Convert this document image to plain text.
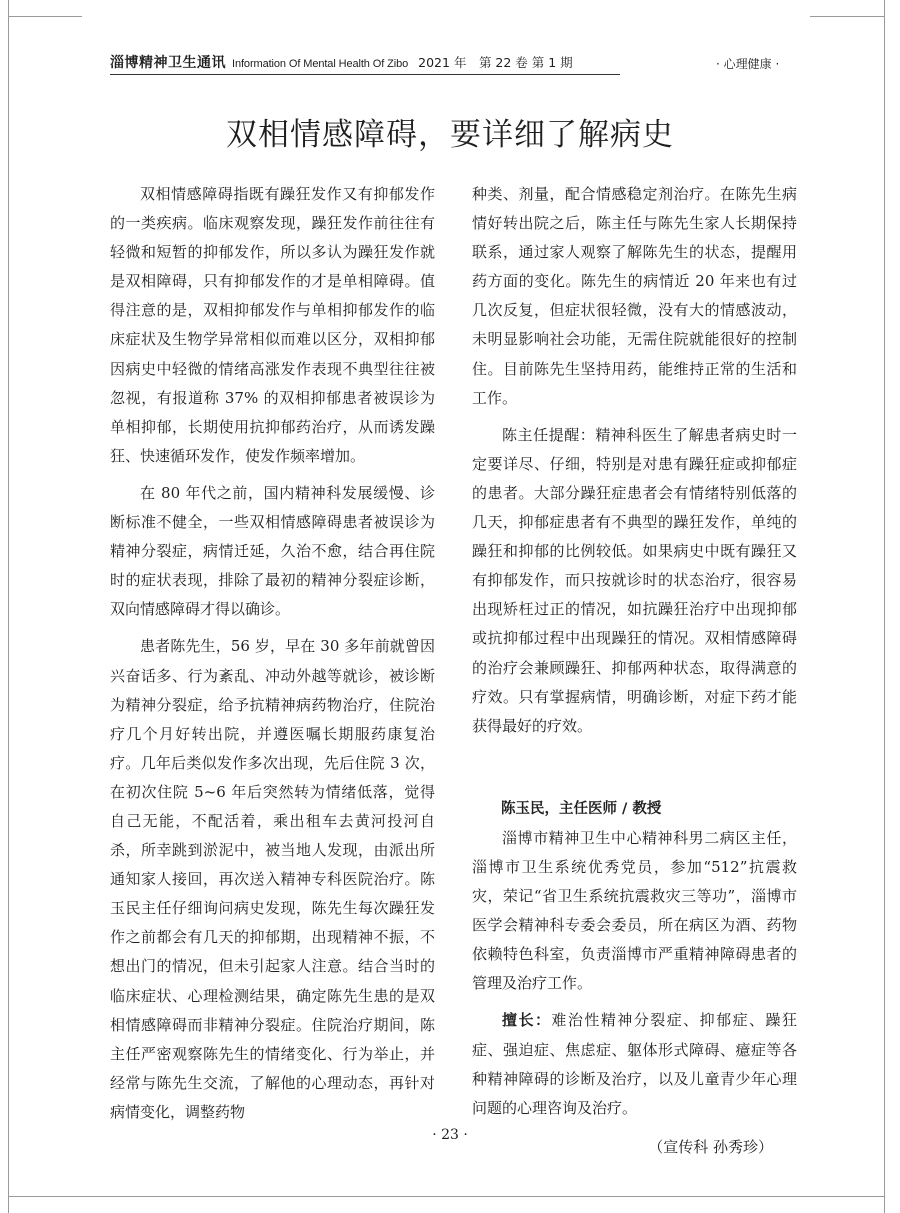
淄博精神卫生通讯 Information Of Mental Health Of Zibo 2021 年　第 22 卷 第 1 期	· 心理健康 ·
双相情感障碍，要详细了解病史

双相情感障碍指既有躁狂发作又有抑郁发作的一类疾病。临床观察发现，躁狂发作前往往有轻微和短暂的抑郁发作，所以多认为躁狂发作就是双相障碍，只有抑郁发作的才是单相障碍。值得注意的是，双相抑郁发作与单相抑郁发作的临床症状及生物学异常相似而难以区分，双相抑郁因病史中轻微的情绪高涨发作表现不典型往往被忽视，有报道称 37% 的双相抑郁患者被误诊为单相抑郁，长期使用抗抑郁药治疗，从而诱发躁狂、快速循环发作，使发作频率增加。

在 80 年代之前，国内精神科发展缓慢、诊断标准不健全，一些双相情感障碍患者被误诊为精神分裂症，病情迁延，久治不愈，结合再住院时的症状表现，排除了最初的精神分裂症诊断，双向情感障碍才得以确诊。

患者陈先生，56 岁，早在 30 多年前就曾因兴奋话多、行为紊乱、冲动外越等就诊，被诊断为精神分裂症，给予抗精神病药物治疗，住院治疗几个月好转出院，并遵医嘱长期服药康复治疗。几年后类似发作多次出现，先后住院 3 次，在初次住院 5~6 年后突然转为情绪低落，觉得自己无能，不配活着，乘出租车去黄河投河自杀，所幸跳到淤泥中，被当地人发现，由派出所通知家人接回，再次送入精神专科医院治疗。陈玉民主任仔细询问病史发现，陈先生每次躁狂发作之前都会有几天的抑郁期，出现精神不振，不想出门的情况，但未引起家人注意。结合当时的临床症状、心理检测结果，确定陈先生患的是双相情感障碍而非精神分裂症。住院治疗期间，陈主任严密观察陈先生的情绪变化、行为举止，并经常与陈先生交流，了解他的心理动态，再针对病情变化，调整药物

种类、剂量，配合情感稳定剂治疗。在陈先生病情好转出院之后，陈主任与陈先生家人长期保持联系，通过家人观察了解陈先生的状态，提醒用药方面的变化。陈先生的病情近 20 年来也有过几次反复，但症状很轻微，没有大的情感波动，未明显影响社会功能，无需住院就能很好的控制住。目前陈先生坚持用药，能维持正常的生活和工作。

陈主任提醒：精神科医生了解患者病史时一定要详尽、仔细，特别是对患有躁狂症或抑郁症的患者。大部分躁狂症患者会有情绪特别低落的几天，抑郁症患者有不典型的躁狂发作，单纯的躁狂和抑郁的比例较低。如果病史中既有躁狂又有抑郁发作，而只按就诊时的状态治疗，很容易出现矫枉过正的情况，如抗躁狂治疗中出现抑郁或抗抑郁过程中出现躁狂的情况。双相情感障碍的治疗会兼顾躁狂、抑郁两种状态，取得满意的疗效。只有掌握病情，明确诊断，对症下药才能获得最好的疗效。

陈玉民，主任医师 / 教授

淄博市精神卫生中心精神科男二病区主任，淄博市卫生系统优秀党员，参加“512”抗震救灾，荣记“省卫生系统抗震救灾三等功”，淄博市医学会精神科专委会委员，所在病区为酒、药物依赖特色科室，负责淄博市严重精神障碍患者的管理及治疗工作。

擅长：难治性精神分裂症、抑郁症、躁狂症、强迫症、焦虑症、躯体形式障碍、癔症等各种精神障碍的诊断及治疗，以及儿童青少年心理问题的心理咨询及治疗。

（宣传科 孙秀珍）
· 23 ·
